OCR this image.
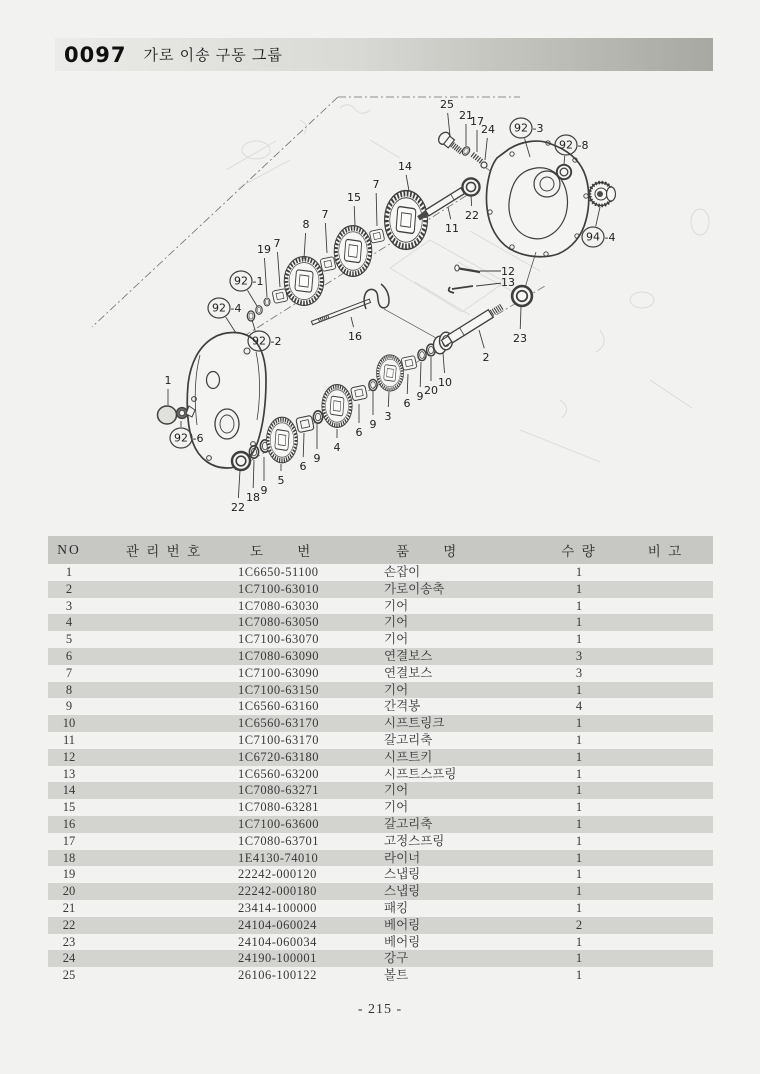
0097 가로 이송 구동 그룹
25
21
17
24 92 -3
92 -8
94 -4
14
7
15
7
8
7
19
11
22
92 -1
92 -4
92 -2	16
12
13
23
2
10
20
9
6
3
9
6
4
9
6
5
9
18
22
1
92 -6
NO	관 리 번 호	도      번	품      명	수 량	비 고
1		1C6650-51100	손잡이	1	
2		1C7100-63010	가로이송축	1	
3		1C7080-63030	기어	1	
4		1C7080-63050	기어	1	
5		1C7100-63070	기어	1	
6		1C7080-63090	연결보스	3	
7		1C7100-63090	연결보스	3	
8		1C7100-63150	기어	1	
9		1C6560-63160	간격봉	4	
10		1C6560-63170	시프트링크	1	
11		1C7100-63170	갈고리축	1	
12		1C6720-63180	시프트키	1	
13		1C6560-63200	시프트스프링	1	
14		1C7080-63271	기어	1	
15		1C7080-63281	기어	1	
16		1C7100-63600	갈고리축	1	
17		1C7080-63701	고정스프링	1	
18		1E4130-74010	라이너	1	
19		22242-000120	스냅링	1	
20		22242-000180	스냅링	1	
21		23414-100000	패킹	1	
22		24104-060024	베어링	2	
23		24104-060034	베어링	1	
24		24190-100001	강구	1	
25		26106-100122	볼트	1	
- 215 -
